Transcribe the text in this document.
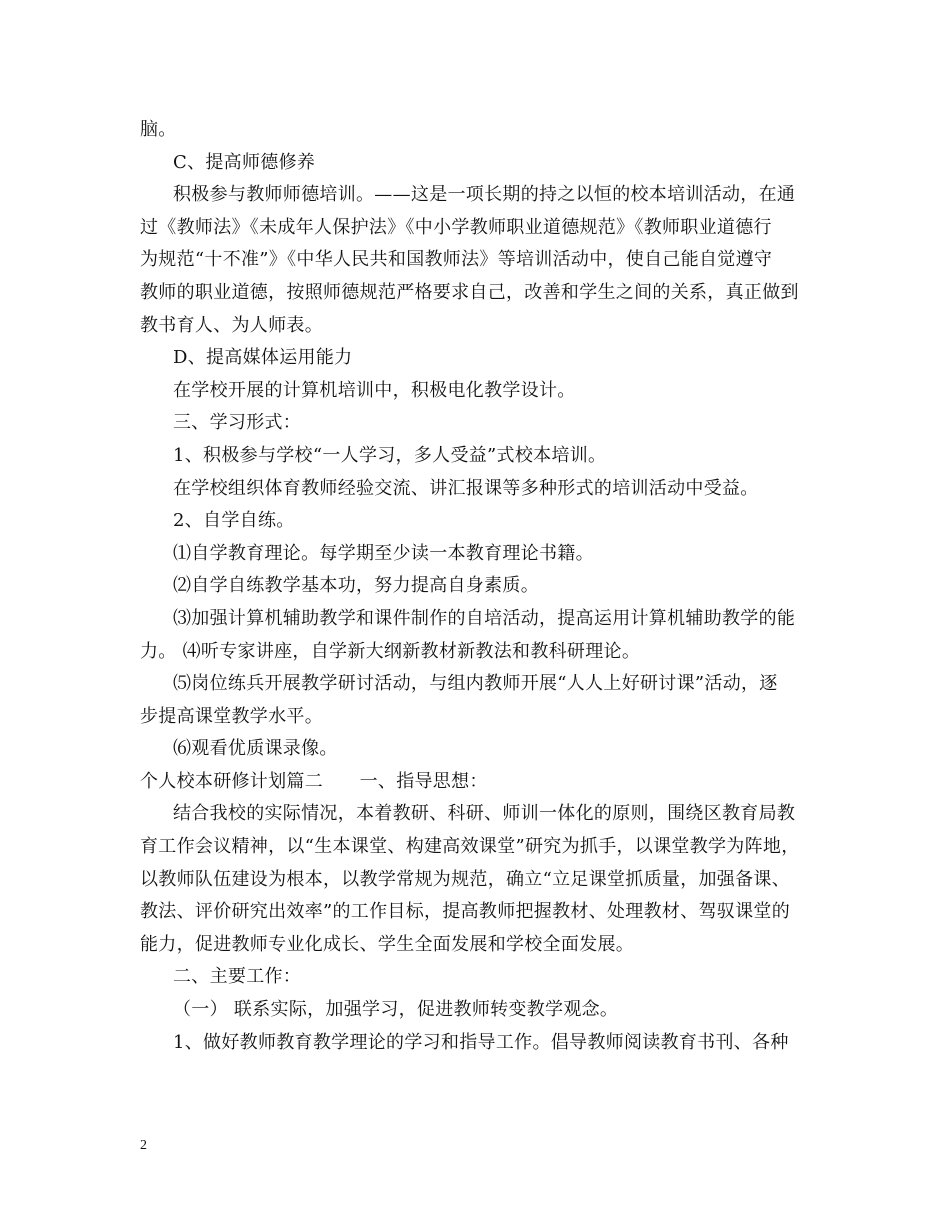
脑。
C、提高师德修养
积极参与教师师德培训。——这是一项长期的持之以恒的校本培训活动，在通
过《教师法》《未成年人保护法》《中小学教师职业道德规范》《教师职业道德行
为规范“十不准”》《中华人民共和国教师法》等培训活动中，使自己能自觉遵守
教师的职业道德，按照师德规范严格要求自己，改善和学生之间的关系，真正做到
教书育人、为人师表。
D、提高媒体运用能力
在学校开展的计算机培训中，积极电化教学设计。
三、学习形式：
1、积极参与学校“一人学习，多人受益”式校本培训。
在学校组织体育教师经验交流、讲汇报课等多种形式的培训活动中受益。
2、自学自练。
⑴自学教育理论。每学期至少读一本教育理论书籍。
⑵自学自练教学基本功，努力提高自身素质。
⑶加强计算机辅助教学和课件制作的自培活动，提高运用计算机辅助教学的能
力。 ⑷听专家讲座，自学新大纲新教材新教法和教科研理论。
⑸岗位练兵开展教学研讨活动，与组内教师开展“人人上好研讨课”活动，逐
步提高课堂教学水平。
⑹观看优质课录像。
个人校本研修计划篇二　　一、指导思想：
结合我校的实际情况，本着教研、科研、师训一体化的原则，围绕区教育局教
育工作会议精神，以“生本课堂、构建高效课堂”研究为抓手，以课堂教学为阵地，
以教师队伍建设为根本，以教学常规为规范，确立“立足课堂抓质量，加强备课、
教法、评价研究出效率”的工作目标，提高教师把握教材、处理教材、驾驭课堂的
能力，促进教师专业化成长、学生全面发展和学校全面发展。
二、主要工作：
（一） 联系实际，加强学习，促进教师转变教学观念。
1、做好教师教育教学理论的学习和指导工作。倡导教师阅读教育书刊、各种
2
